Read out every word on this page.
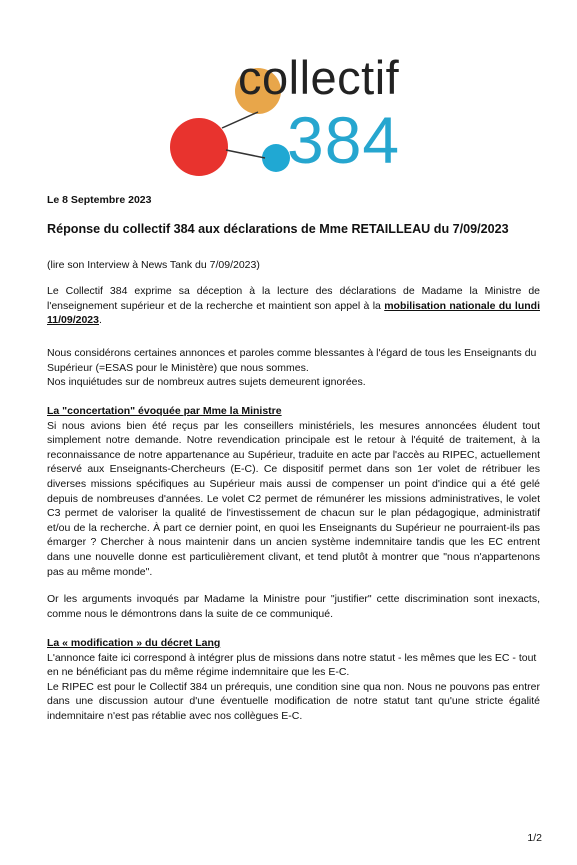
collectif
384
Le 8 Septembre 2023
Réponse du collectif 384 aux déclarations de Mme RETAILLEAU du 7/09/2023

(lire son Interview à News Tank du 7/09/2023)

Le Collectif 384 exprime sa déception à la lecture des déclarations de Madame la Ministre de l'enseignement supérieur et de la recherche et maintient son appel à la mobilisation nationale du lundi 11/09/2023.

Nous considérons certaines annonces et paroles comme blessantes à l'égard de tous les Enseignants du Supérieur (=ESAS pour le Ministère) que nous sommes.

Nos inquiétudes sur de nombreux autres sujets demeurent ignorées.

La "concertation" évoquée par Mme la Ministre

Si nous avions bien été reçus par les conseillers ministériels, les mesures annoncées éludent tout simplement notre demande. Notre revendication principale est le retour à l'équité de traitement, à la reconnaissance de notre appartenance au Supérieur, traduite en acte par l'accès au RIPEC, actuellement réservé aux Enseignants-Chercheurs (E-C). Ce dispositif permet dans son 1er volet de rétribuer les diverses missions spécifiques au Supérieur mais aussi de compenser un point d'indice qui a été gelé depuis de nombreuses d'années. Le volet C2 permet de rémunérer les missions administratives, le volet C3 permet de valoriser la qualité de l'investissement de chacun sur le plan pédagogique, administratif et/ou de la recherche. À part ce dernier point, en quoi les Enseignants du Supérieur ne pourraient-ils pas émarger ? Chercher à nous maintenir dans un ancien système indemnitaire tandis que les EC entrent dans une nouvelle donne est particulièrement clivant, et tend plutôt à montrer que "nous n'appartenons pas au même monde".

Or les arguments invoqués par Madame la Ministre pour "justifier" cette discrimination sont inexacts, comme nous le démontrons dans la suite de ce communiqué.

La « modification » du décret Lang

L'annonce faite ici correspond à intégrer plus de missions dans notre statut - les mêmes que les EC - tout en ne bénéficiant pas du même régime indemnitaire que les E-C.

Le RIPEC est pour le Collectif 384 un prérequis, une condition sine qua non. Nous ne pouvons pas entrer dans une discussion autour d'une éventuelle modification de notre statut tant qu'une stricte égalité indemnitaire n'est pas rétablie avec nos collègues E-C.

1/2
